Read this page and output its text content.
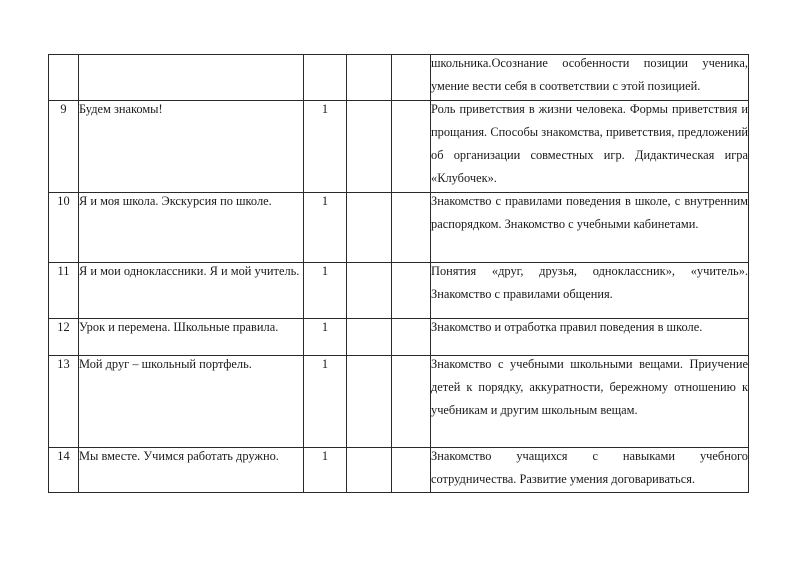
					школьника.Осознание особенности позиции ученика, умение вести себя в соответствии с этой позицией.

9	Будем знакомы!	1			Роль приветствия в жизни человека. Формы приветствия и прощания. Способы знакомства, приветствия, предложений об организации совместных игр. Дидактическая игра «Клубочек».

10	Я и моя школа. Экскурсия по школе.	1			Знакомство с правилами поведения в школе, с внутренним распорядком. Знакомство с учебными кабинетами.

11	Я и мои одноклассники. Я и мой учитель.	1			Понятия «друг, друзья, одноклассник», «учитель». Знакомство с правилами общения.

12	Урок и перемена. Школьные правила.	1			Знакомство и отработка правил поведения в школе.

13	Мой друг – школьный портфель.	1			Знакомство с учебными школьными вещами. Приучение детей к порядку, аккуратности, бережному отношению к учебникам и другим школьным вещам.

14	Мы вместе. Учимся работать дружно.	1			Знакомство учащихся с навыками учебного сотрудничества. Развитие умения договариваться.
